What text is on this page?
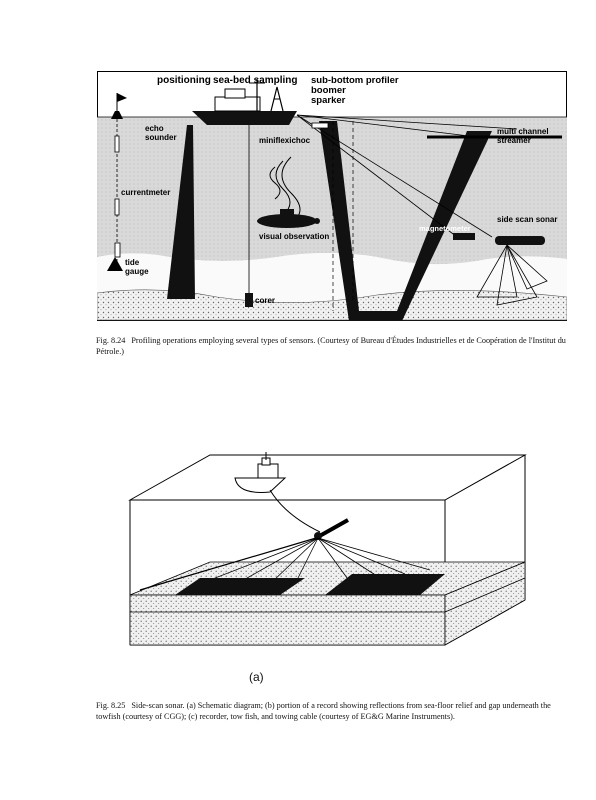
positioning sea-bed sampling sub-bottom profiler
boomer
sparker
echo
sounder	miniflexichoc
multi channel
streamer
currentmeter
side scan sonar
magnetometer
visual observation
tide
gauge
corer

Fig. 8.24 Profiling operations employing several types of sensors. (Courtesy of Bureau d'Études Industrielles et de Coopération de l'Institut du Pétrole.)

(a)

Fig. 8.25 Side-scan sonar. (a) Schematic diagram; (b) portion of a record showing reflections from sea-floor relief and gap underneath the towfish (courtesy of CGG); (c) recorder, tow fish, and towing cable (courtesy of EG&G Marine Instruments).
